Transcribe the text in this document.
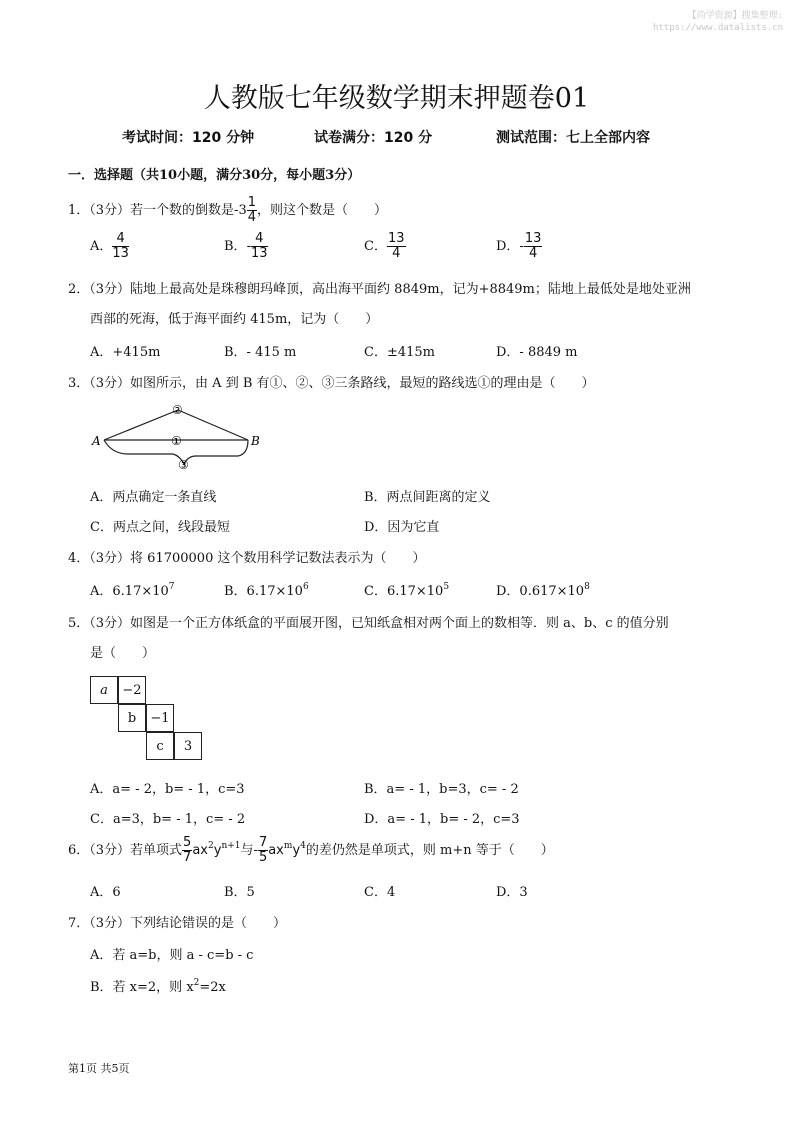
【尚学资源】搜集整理:
https://www.datalists.cn
人教版七年级数学期末押题卷01
考试时间：120 分钟	试卷满分：120 分	测试范围：七上全部内容
一．选择题（共10小题，满分30分，每小题3分）
1．（3分）若一个数的倒数是$-3 \frac{1}{4}$ ，则这个数是（　　）
A． $\frac{4}{13}$	B．- $\frac{4}{13}$	C． $\frac{13}{4}$	D．- $\frac{13}{4}$
2．（3分）陆地上最高处是珠穆朗玛峰顶，高出海平面约 8849m，记为+8849m；陆地上最低处是地处亚洲
西部的死海，低于海平面约 415m，记为（　　）
A．+415m	B．- 415 m	C．±415m	D．- 8849 m
3．（3分）如图所示，由 A 到 B 有①、②、③三条路线，最短的路线选①的理由是（　　）
A	B
①
②
③
A．两点确定一条直线	B．两点间距离的定义
C．两点之间，线段最短	D．因为它直
4．（3分）将 61700000 这个数用科学记数法表示为（　　）
A．$6.17\times 10^7$	B．$6.17\times 10^6$	C．$6.17\times 10^5$	D．$0.617\times 10^8$
5．（3分）如图是一个正方体纸盒的平面展开图，已知纸盒相对两个面上的数相等．则 a、b、c 的值分别
是（　　）
a	−2
b	−1
c	3
A．a= - 2，b= - 1，c=3	B．a= - 1，b=3，c= - 2
C．a=3，b= - 1，c= - 2	D．a= - 1，b= - 2，c=3
6．（3分）若单项式 $\frac{5}{7} ax^2y^{n+1}$与- $\frac{7}{5} ax^my^4$的差仍然是单项式，则 m+n 等于（　　）
A．6	B．5	C．4	D．3
7．（3分）下列结论错误的是（　　）
A．若 a=b，则 a - c=b - c
B．若 x=2，则 $x^2=2x$
第1页 共5页
